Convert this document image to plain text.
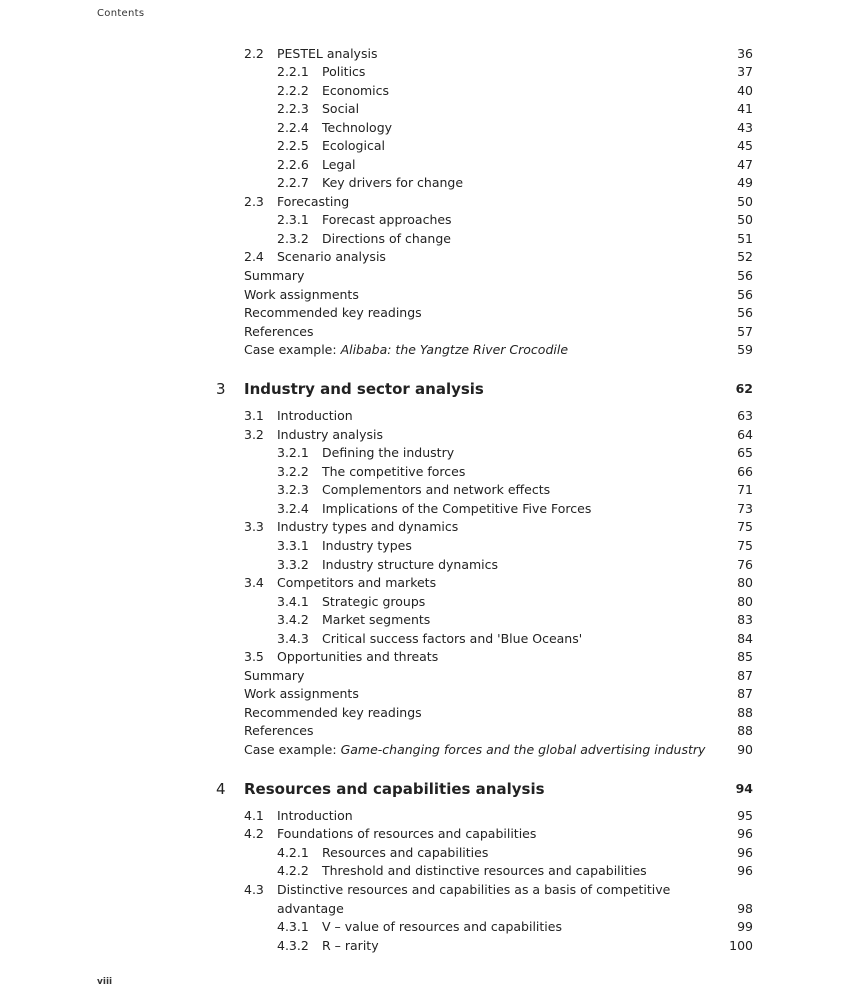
Contents
2.2 PESTEL analysis	36
2.2.1 Politics	37
2.2.2 Economics	40
2.2.3 Social	41
2.2.4 Technology	43
2.2.5 Ecological	45
2.2.6 Legal	47
2.2.7 Key drivers for change	49
2.3 Forecasting	50
2.3.1 Forecast approaches	50
2.3.2 Directions of change	51
2.4 Scenario analysis	52
Summary	56
Work assignments	56
Recommended key readings	56
References	57
Case example: Alibaba: the Yangtze River Crocodile	59
3 Industry and sector analysis	62
3.1 Introduction	63
3.2 Industry analysis	64
3.2.1 Defining the industry	65
3.2.2 The competitive forces	66
3.2.3 Complementors and network effects	71
3.2.4 Implications of the Competitive Five Forces	73
3.3 Industry types and dynamics	75
3.3.1 Industry types	75
3.3.2 Industry structure dynamics	76
3.4 Competitors and markets	80
3.4.1 Strategic groups	80
3.4.2 Market segments	83
3.4.3 Critical success factors and 'Blue Oceans'	84
3.5 Opportunities and threats	85
Summary	87
Work assignments	87
Recommended key readings	88
References	88
Case example: Game-changing forces and the global advertising industry	90
4 Resources and capabilities analysis	94
4.1 Introduction	95
4.2 Foundations of resources and capabilities	96
4.2.1 Resources and capabilities	96
4.2.2 Threshold and distinctive resources and capabilities	96
4.3 Distinctive resources and capabilities as a basis of competitive
advantage	98
4.3.1 V – value of resources and capabilities	99
4.3.2 R – rarity	100
viii
